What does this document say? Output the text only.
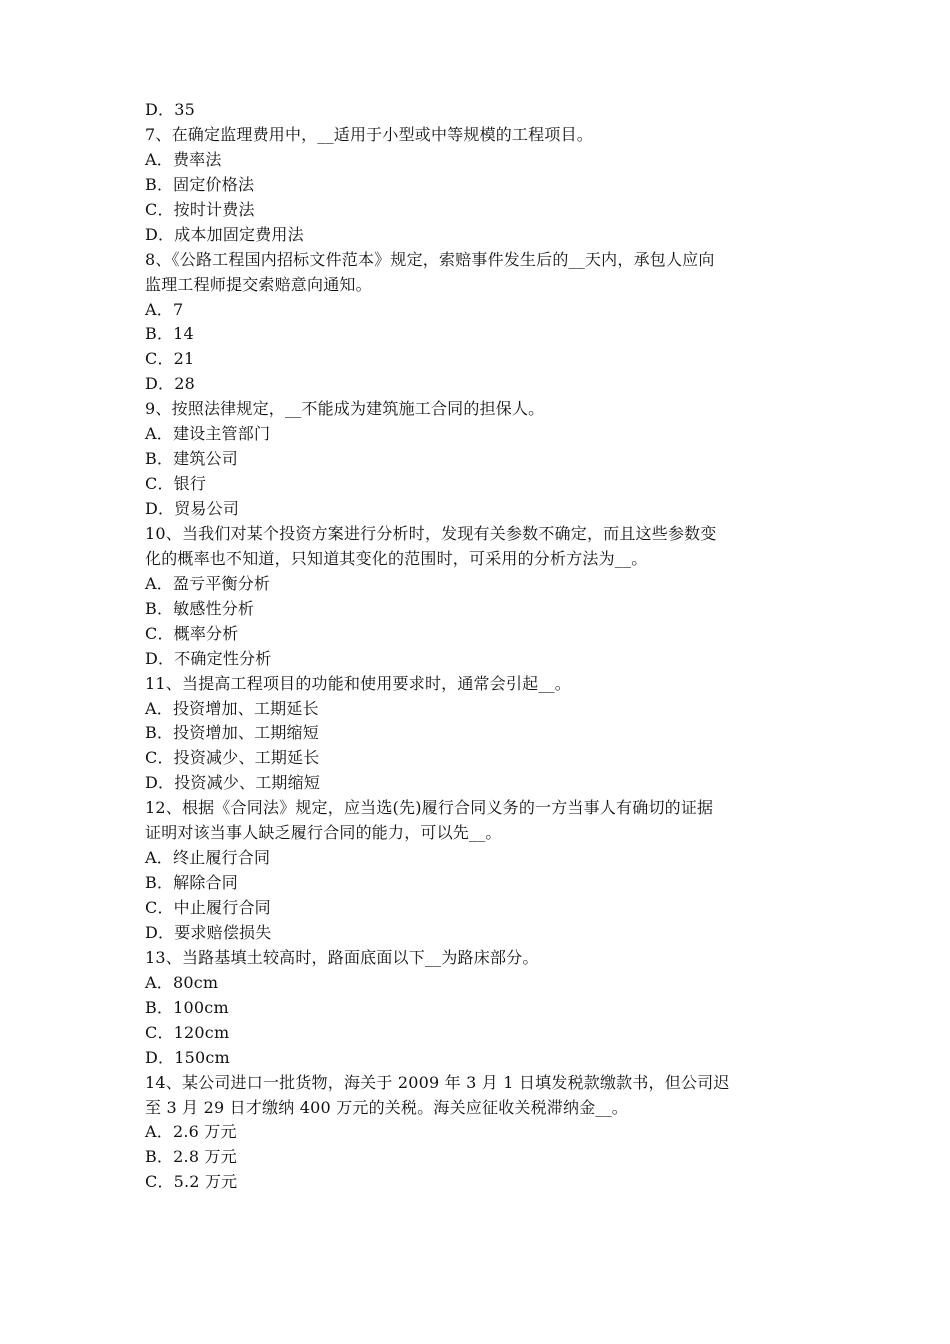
D．35
7、在确定监理费用中，__适用于小型或中等规模的工程项目。
A．费率法
B．固定价格法
C．按时计费法
D．成本加固定费用法
8、《公路工程国内招标文件范本》规定，索赔事件发生后的__天内，承包人应向
监理工程师提交索赔意向通知。
A．7
B．14
C．21
D．28
9、按照法律规定，__不能成为建筑施工合同的担保人。
A．建设主管部门
B．建筑公司
C．银行
D．贸易公司
10、当我们对某个投资方案进行分析时，发现有关参数不确定，而且这些参数变
化的概率也不知道，只知道其变化的范围时，可采用的分析方法为__。
A．盈亏平衡分析
B．敏感性分析
C．概率分析
D．不确定性分析
11、当提高工程项目的功能和使用要求时，通常会引起__。
A．投资增加、工期延长
B．投资增加、工期缩短
C．投资减少、工期延长
D．投资减少、工期缩短
12、根据《合同法》规定，应当选(先)履行合同义务的一方当事人有确切的证据
证明对该当事人缺乏履行合同的能力，可以先__。
A．终止履行合同
B．解除合同
C．中止履行合同
D．要求赔偿损失
13、当路基填土较高时，路面底面以下__为路床部分。
A．80cm
B．100cm
C．120cm
D．150cm
14、某公司进口一批货物，海关于 2009 年 3 月 1 日填发税款缴款书，但公司迟
至 3 月 29 日才缴纳 400 万元的关税。海关应征收关税滞纳金__。
A．2.6 万元
B．2.8 万元
C．5.2 万元
